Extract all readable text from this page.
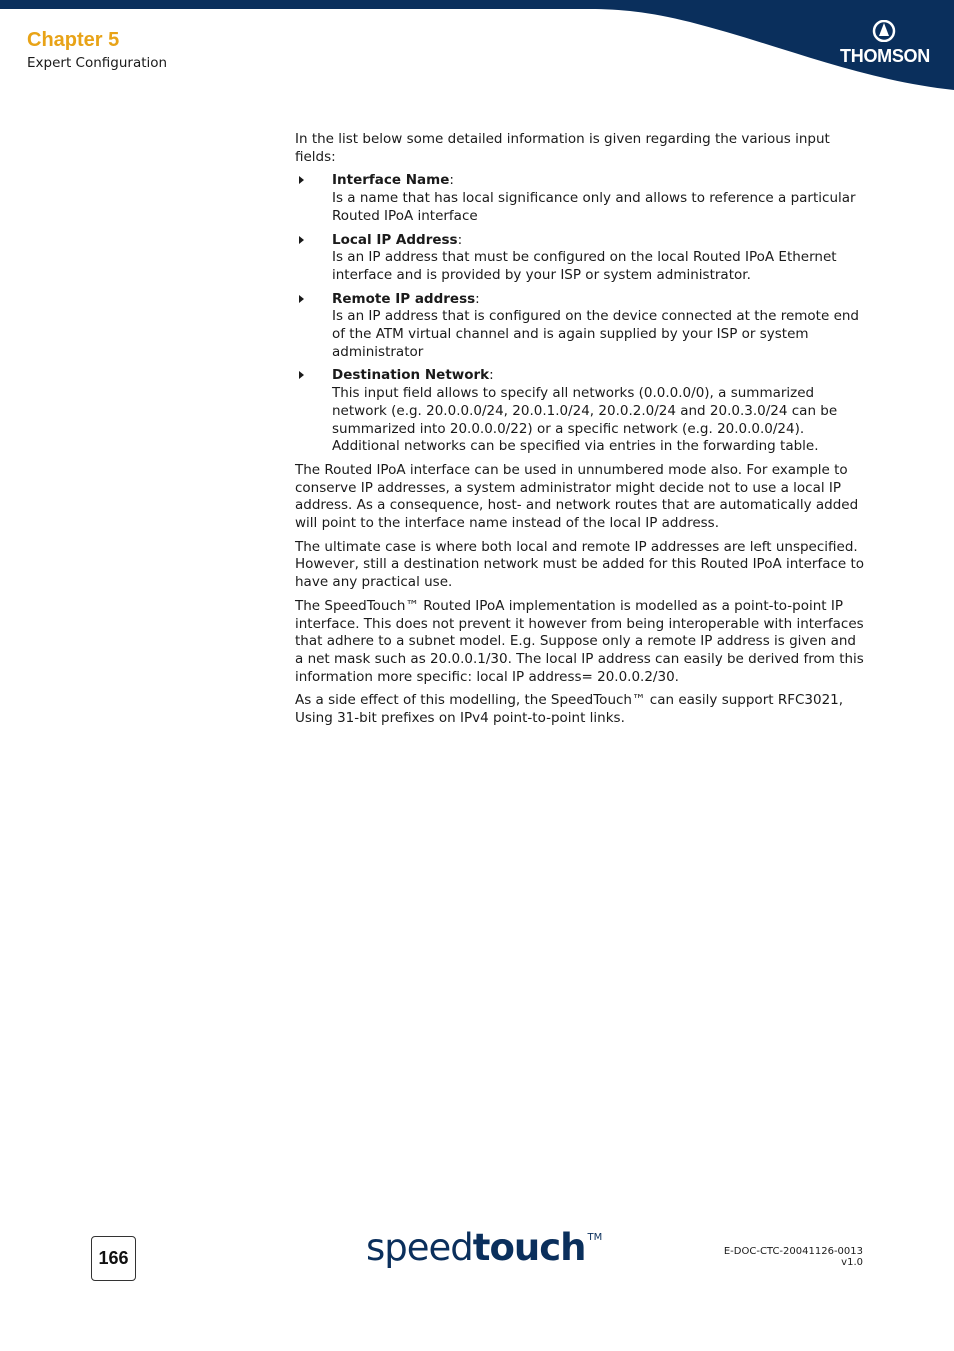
Chapter 5
Expert Configuration	THOMSON

In the list below some detailed information is given regarding the various input fields:

Interface Name:
Is a name that has local significance only and allows to reference a particular Routed IPoA interface
Local IP Address:
Is an IP address that must be configured on the local Routed IPoA Ethernet interface and is provided by your ISP or system administrator.
Remote IP address:
Is an IP address that is configured on the device connected at the remote end of the ATM virtual channel and is again supplied by your ISP or system administrator
Destination Network:
This input field allows to specify all networks (0.0.0.0/0), a summarized network (e.g. 20.0.0.0/24, 20.0.1.0/24, 20.0.2.0/24 and 20.0.3.0/24 can be summarized into 20.0.0.0/22) or a specific network (e.g. 20.0.0.0/24). Additional networks can be specified via entries in the forwarding table.

The Routed IPoA interface can be used in unnumbered mode also. For example to conserve IP addresses, a system administrator might decide not to use a local IP address. As a consequence, host- and network routes that are automatically added will point to the interface name instead of the local IP address.

The ultimate case is where both local and remote IP addresses are left unspecified. However, still a destination network must be added for this Routed IPoA interface to have any practical use.

The SpeedTouch™ Routed IPoA implementation is modelled as a point-to-point IP interface. This does not prevent it however from being interoperable with interfaces that adhere to a subnet model. E.g. Suppose only a remote IP address is given and a net mask such as 20.0.0.1/30. The local IP address can easily be derived from this information more specific: local IP address= 20.0.0.2/30.

As a side effect of this modelling, the SpeedTouch™ can easily support RFC3021, Using 31-bit prefixes on IPv4 point-to-point links.

166	speedtouch ™
E-DOC-CTC-20041126-0013 v1.0
